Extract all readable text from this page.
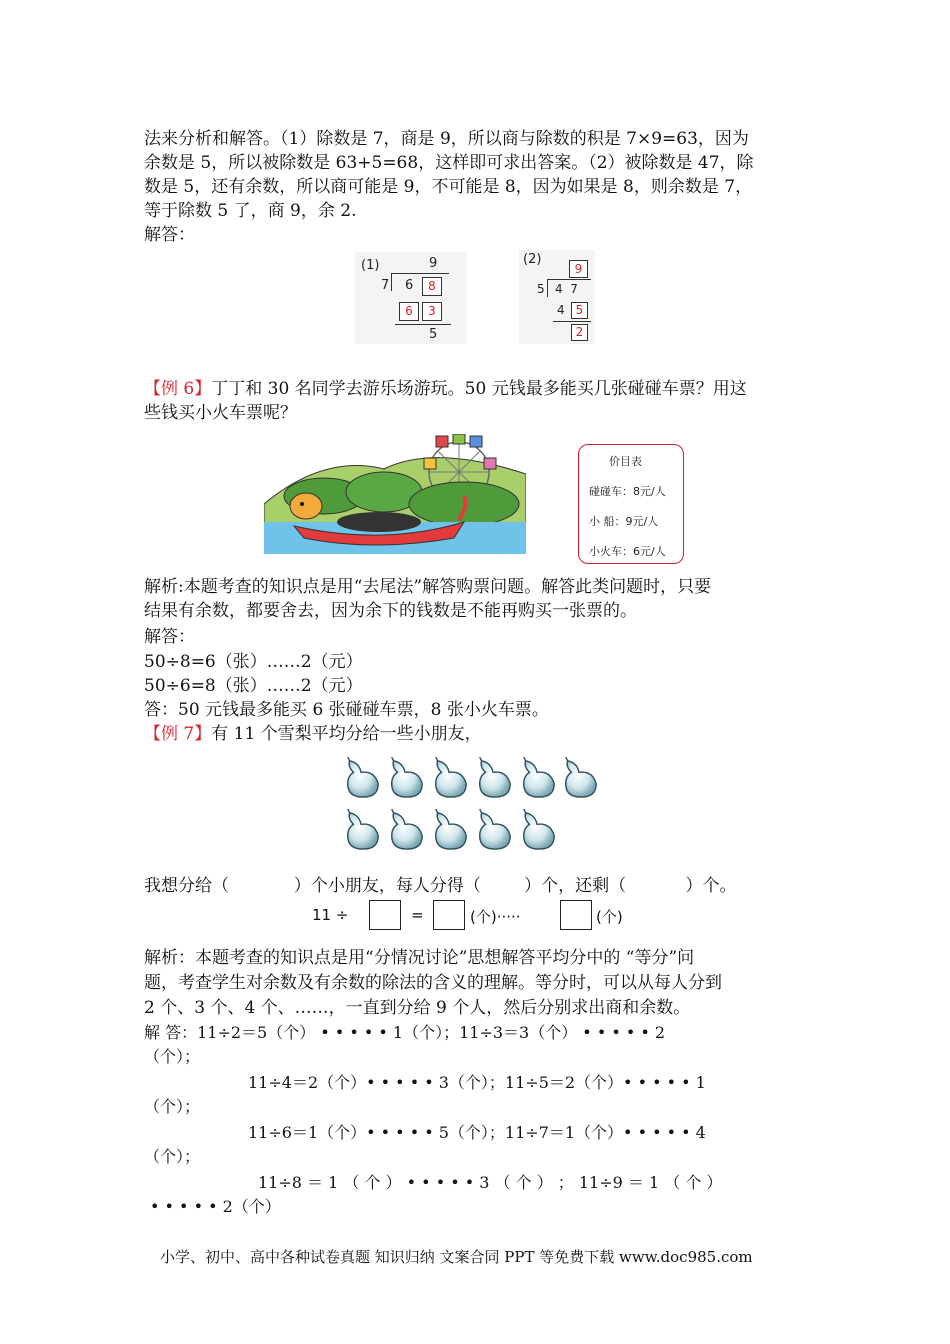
法来分析和解答。（1）除数是 7，商是 9，所以商与除数的积是 7×9=63，因为
余数是 5，所以被除数是 63+5=68，这样即可求出答案。（2）被除数是 47，除
数是 5，还有余数，所以商可能是 9，不可能是 8，因为如果是 8，则余数是 7，
等于除数 5 了，商 9，余 2.
解答：
(1)	9
7 6	8
6	3
5
(2)
9
5 4  7
4 5
2
【例 6】丁丁和 30 名同学去游乐场游玩。50 元钱最多能买几张碰碰车票？用这
些钱买小火车票呢？
价目表
碰碰车：8元/人
小 船：9元/人
小火车：6元/人
解析:本题考查的知识点是用“去尾法”解答购票问题。解答此类问题时，只要
结果有余数，都要舍去，因为余下的钱数是不能再购买一张票的。
解答：
50÷8=6（张）……2（元）
50÷6=8（张）……2（元）
答：50 元钱最多能买 6 张碰碰车票，8 张小火车票。
【例 7】有 11 个雪梨平均分给一些小朋友，
我想分给（            ）个小朋友，每人分得（        ）个，还剩（           ）个。
11 ÷	=	(个)·····	(个)
解析：本题考查的知识点是用“分情况讨论”思想解答平均分中的 “等分”问
题，考查学生对余数及有余数的除法的含义的理解。等分时，可以从每人分到
2 个、3 个、4 个、……，一直到分给 9 个人，然后分别求出商和余数。
解 答：11÷2＝5（个） • • • • • 1（个）；11÷3＝3（个） • • • • • 2
（个）；
11÷4＝2（个）• • • • • 3（个）；11÷5＝2（个）• • • • • 1
（个）；
11÷6＝1（个）• • • • • 5（个）；11÷7＝1（个）• • • • • 4
（个）；
11÷8 ＝ 1 （ 个 ） • • • • • 3 （ 个 ） ； 11÷9 ＝ 1 （ 个 ）
• • • • • 2（个）
小学、初中、高中各种试卷真题 知识归纳 文案合同 PPT 等免费下载 www.doc985.com
